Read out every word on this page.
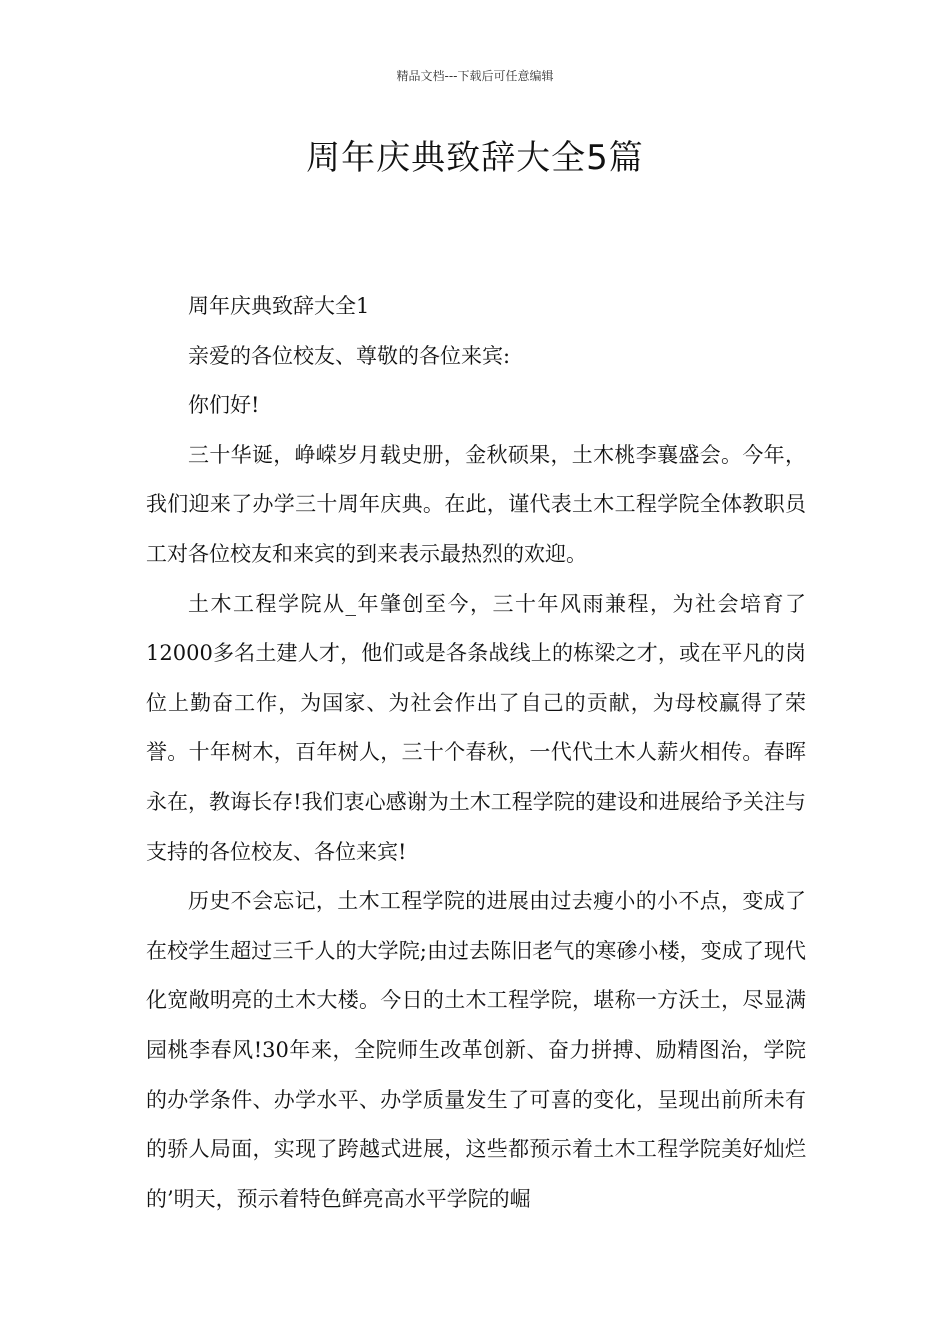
精品文档---下载后可任意编辑
周年庆典致辞大全5篇

周年庆典致辞大全1

亲爱的各位校友、尊敬的各位来宾:

你们好!

三十华诞，峥嵘岁月载史册，金秋硕果，土木桃李襄盛会。今年，我们迎来了办学三十周年庆典。在此，谨代表土木工程学院全体教职员工对各位校友和来宾的到来表示最热烈的欢迎。

土木工程学院从_年肇创至今，三十年风雨兼程，为社会培育了12000多名土建人才，他们或是各条战线上的栋梁之才，或在平凡的岗位上勤奋工作，为国家、为社会作出了自己的贡献，为母校赢得了荣誉。十年树木，百年树人，三十个春秋，一代代土木人薪火相传。春晖永在，教诲长存!我们衷心感谢为土木工程学院的建设和进展给予关注与支持的各位校友、各位来宾!

历史不会忘记，土木工程学院的进展由过去瘦小的小不点，变成了在校学生超过三千人的大学院;由过去陈旧老气的寒碜小楼，变成了现代化宽敞明亮的土木大楼。今日的土木工程学院，堪称一方沃土，尽显满园桃李春风!30年来，全院师生改革创新、奋力拼搏、励精图治，学院的办学条件、办学水平、办学质量发生了可喜的变化，呈现出前所未有的骄人局面，实现了跨越式进展，这些都预示着土木工程学院美好灿烂的’明天，预示着特色鲜亮高水平学院的崛
